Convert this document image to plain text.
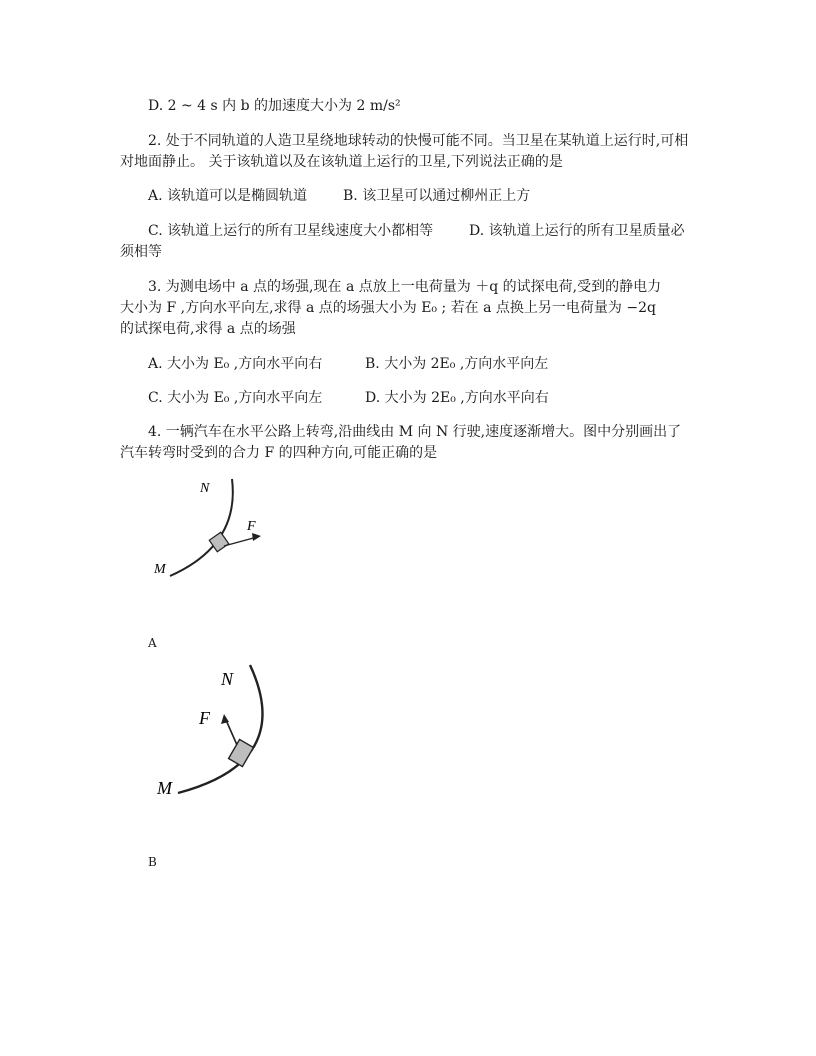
D. 2 ~ 4 s 内 b 的加速度大小为 2 m/s²
2. 处于不同轨道的人造卫星绕地球转动的快慢可能不同。当卫星在某轨道上运行时,可相
对地面静止。 关于该轨道以及在该轨道上运行的卫星,下列说法正确的是
A. 该轨道可以是椭圆轨道	B. 该卫星可以通过柳州正上方
C. 该轨道上运行的所有卫星线速度大小都相等	D. 该轨道上运行的所有卫星质量必
须相等
3. 为测电场中 a 点的场强,现在 a 点放上一电荷量为 ＋q 的试探电荷,受到的静电力
大小为 F ,方向水平向左,求得 a 点的场强大小为 E₀ ; 若在 a 点换上另一电荷量为 −2q
的试探电荷,求得 a 点的场强
A. 大小为 E₀ ,方向水平向右	B. 大小为 2E₀ ,方向水平向左
C. 大小为 E₀ ,方向水平向左	D. 大小为 2E₀ ,方向水平向右
4. 一辆汽车在水平公路上转弯,沿曲线由 M 向 N 行驶,速度逐渐增大。图中分别画出了
汽车转弯时受到的合力 F 的四种方向,可能正确的是
N
F
M
A
N
F
M
B
